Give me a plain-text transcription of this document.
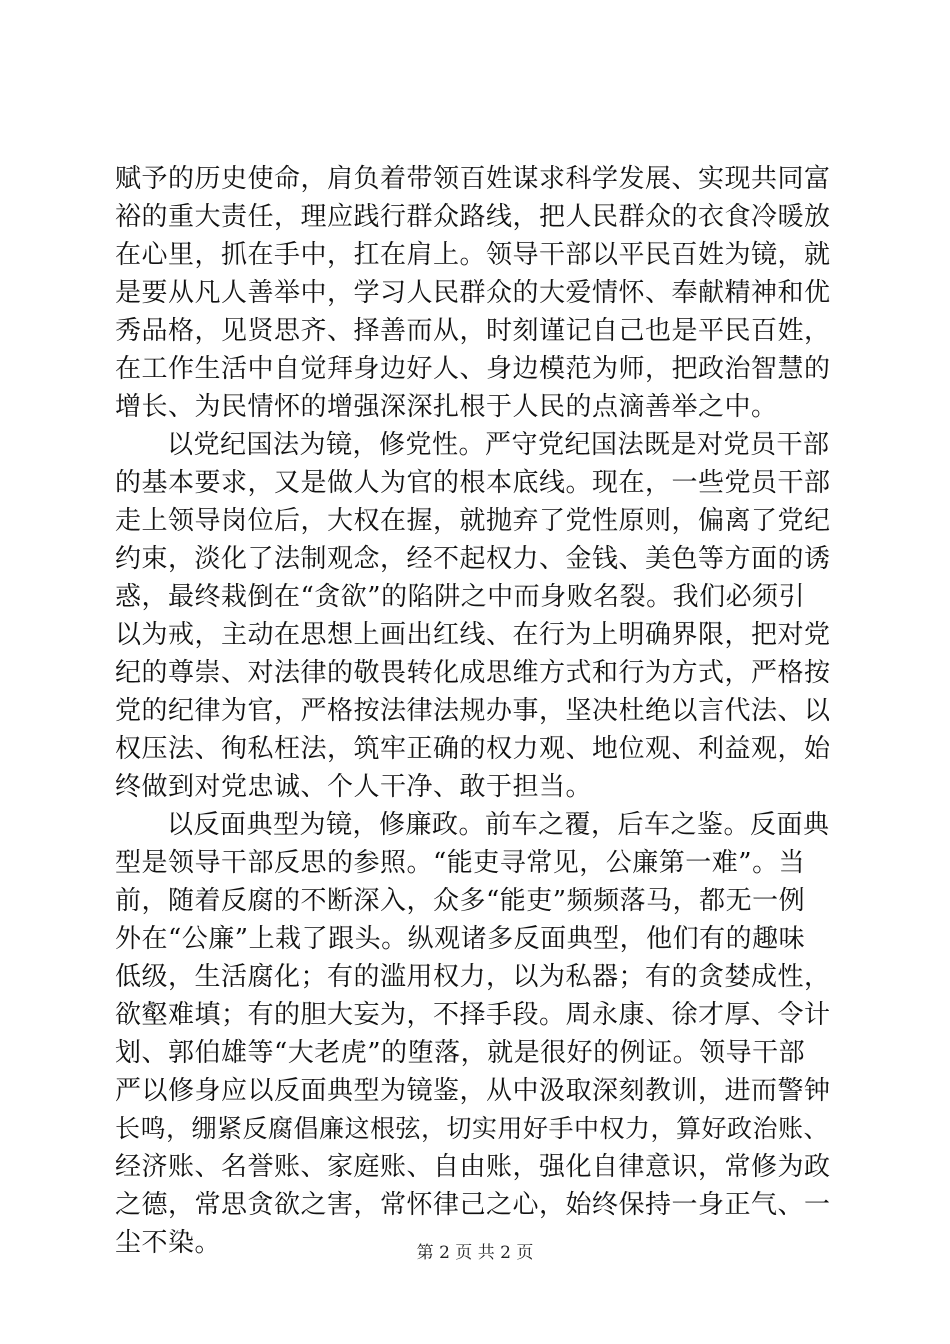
赋予的历史使命，肩负着带领百姓谋求科学发展、实现共同富
裕的重大责任，理应践行群众路线，把人民群众的衣食冷暖放
在心里，抓在手中，扛在肩上。领导干部以平民百姓为镜，就
是要从凡人善举中，学习人民群众的大爱情怀、奉献精神和优
秀品格，见贤思齐、择善而从，时刻谨记自己也是平民百姓，
在工作生活中自觉拜身边好人、身边模范为师，把政治智慧的
增长、为民情怀的增强深深扎根于人民的点滴善举之中。
以党纪国法为镜，修党性。严守党纪国法既是对党员干部
的基本要求，又是做人为官的根本底线。现在，一些党员干部
走上领导岗位后，大权在握，就抛弃了党性原则，偏离了党纪
约束，淡化了法制观念，经不起权力、金钱、美色等方面的诱
惑，最终栽倒在“贪欲”的陷阱之中而身败名裂。我们必须引
以为戒，主动在思想上画出红线、在行为上明确界限，把对党
纪的尊崇、对法律的敬畏转化成思维方式和行为方式，严格按
党的纪律为官，严格按法律法规办事，坚决杜绝以言代法、以
权压法、徇私枉法，筑牢正确的权力观、地位观、利益观，始
终做到对党忠诚、个人干净、敢于担当。
以反面典型为镜，修廉政。前车之覆，后车之鉴。反面典
型是领导干部反思的参照。“能吏寻常见，公廉第一难”。当
前，随着反腐的不断深入，众多“能吏”频频落马，都无一例
外在“公廉”上栽了跟头。纵观诸多反面典型，他们有的趣味
低级，生活腐化；有的滥用权力，以为私器；有的贪婪成性，
欲壑难填；有的胆大妄为，不择手段。周永康、徐才厚、令计
划、郭伯雄等“大老虎”的堕落，就是很好的例证。领导干部
严以修身应以反面典型为镜鉴，从中汲取深刻教训，进而警钟
长鸣，绷紧反腐倡廉这根弦，切实用好手中权力，算好政治账、
经济账、名誉账、家庭账、自由账，强化自律意识，常修为政
之德，常思贪欲之害，常怀律己之心，始终保持一身正气、一
尘不染。	第 2 页 共 2 页
